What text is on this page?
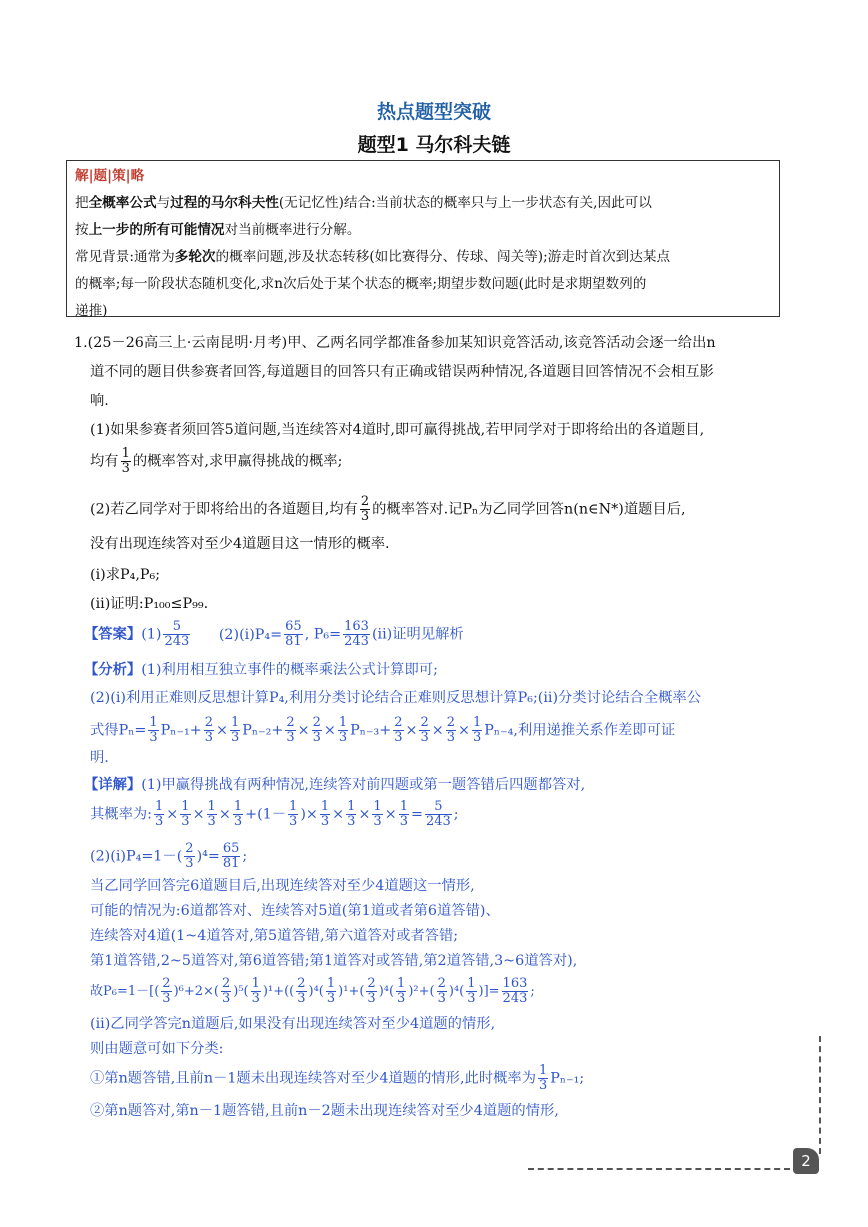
热点题型突破
题型1 马尔科夫链
解|题|策|略
把全概率公式与过程的马尔科夫性(无记忆性)结合:当前状态的概率只与上一步状态有关,因此可以
按上一步的所有可能情况对当前概率进行分解。
常见背景:通常为多轮次的概率问题,涉及状态转移(如比赛得分、传球、闯关等);游走时首次到达某点
的概率;每一阶段状态随机变化,求n次后处于某个状态的概率;期望步数问题(此时是求期望数列的
递推)
1.(25－26高三上·云南昆明·月考)甲、乙两名同学都准备参加某知识竞答活动,该竞答活动会逐一给出n
道不同的题目供参赛者回答,每道题目的回答只有正确或错误两种情况,各道题目回答情况不会相互影
响.
(1)如果参赛者须回答5道问题,当连续答对4道时,即可赢得挑战,若甲同学对于即将给出的各道题目,
均有 $\frac{1}{3}$ 的概率答对,求甲赢得挑战的概率;
(2)若乙同学对于即将给出的各道题目,均有 $\frac{2}{3}$ 的概率答对.记Pₙ为乙同学回答n(n∈N*)道题目后,
没有出现连续答对至少4道题目这一情形的概率.
(i)求P₄,P₆;
(ii)证明:P₁₀₀≤P₉₉.
【答案】$(1) \frac{5}{243} (2)(i)P_4= \frac{65}{81}$ , $P_6= \frac{163}{243} (ii)$证明见解析
【分析】(1)利用相互独立事件的概率乘法公式计算即可;
(2)(i)利用正难则反思想计算P₄,利用分类讨论结合正难则反思想计算P₆;(ii)分类讨论结合全概率公
式得$P_n= \frac{1}{3} P_{n-1}+ \frac{2}{3} \times \frac{1}{3} P_{n-2}+ \frac{2}{3} \times \frac{2}{3} \times \frac{1}{3} P_{n-3}+ \frac{2}{3} \times \frac{2}{3} \times \frac{2}{3} \times \frac{1}{3} P_{n-4}$,利用递推关系作差即可证
明.
【详解】(1)甲赢得挑战有两种情况,连续答对前四题或第一题答错后四题都答对,
其概率为: $\frac{1}{3} \times \frac{1}{3} \times \frac{1}{3} \times \frac{1}{3} +(1- \frac{1}{3}$ )× $\frac{1}{3} \times \frac{1}{3} \times \frac{1}{3} \times \frac{1}{3} = \frac{5}{243}$ ;
$(2)(i)P_4=1-( \frac{2}{3} )^4= \frac{65}{81}$ ;
当乙同学回答完6道题目后,出现连续答对至少4道题这一情形,
可能的情况为:6道都答对、连续答对5道(第1道或者第6道答错)、
连续答对4道(1~4道答对,第5道答错,第六道答对或者答错;
第1道答错,2~5道答对,第6道答错;第1道答对或答错,第2道答错,3~6道答对),
故$P_6=1-[( \frac{2}{3} )^6+2\times( \frac{2}{3} )^5( \frac{1}{3} )^1+(( \frac{2}{3} )^4( \frac{1}{3} )^1+( \frac{2}{3} )^4( \frac{1}{3} )^2+( \frac{2}{3} )^4( \frac{1}{3}$ )]= $\frac{163}{243}$ ;
(ii)乙同学答完n道题后,如果没有出现连续答对至少4道题的情形,
则由题意可如下分类:
①第n题答错,且前n－1题未出现连续答对至少4道题的情形,此时概率为 $\frac{1}{3} P_{n-1}$;
②第n题答对,第n－1题答错,且前n－2题未出现连续答对至少4道题的情形,
2
